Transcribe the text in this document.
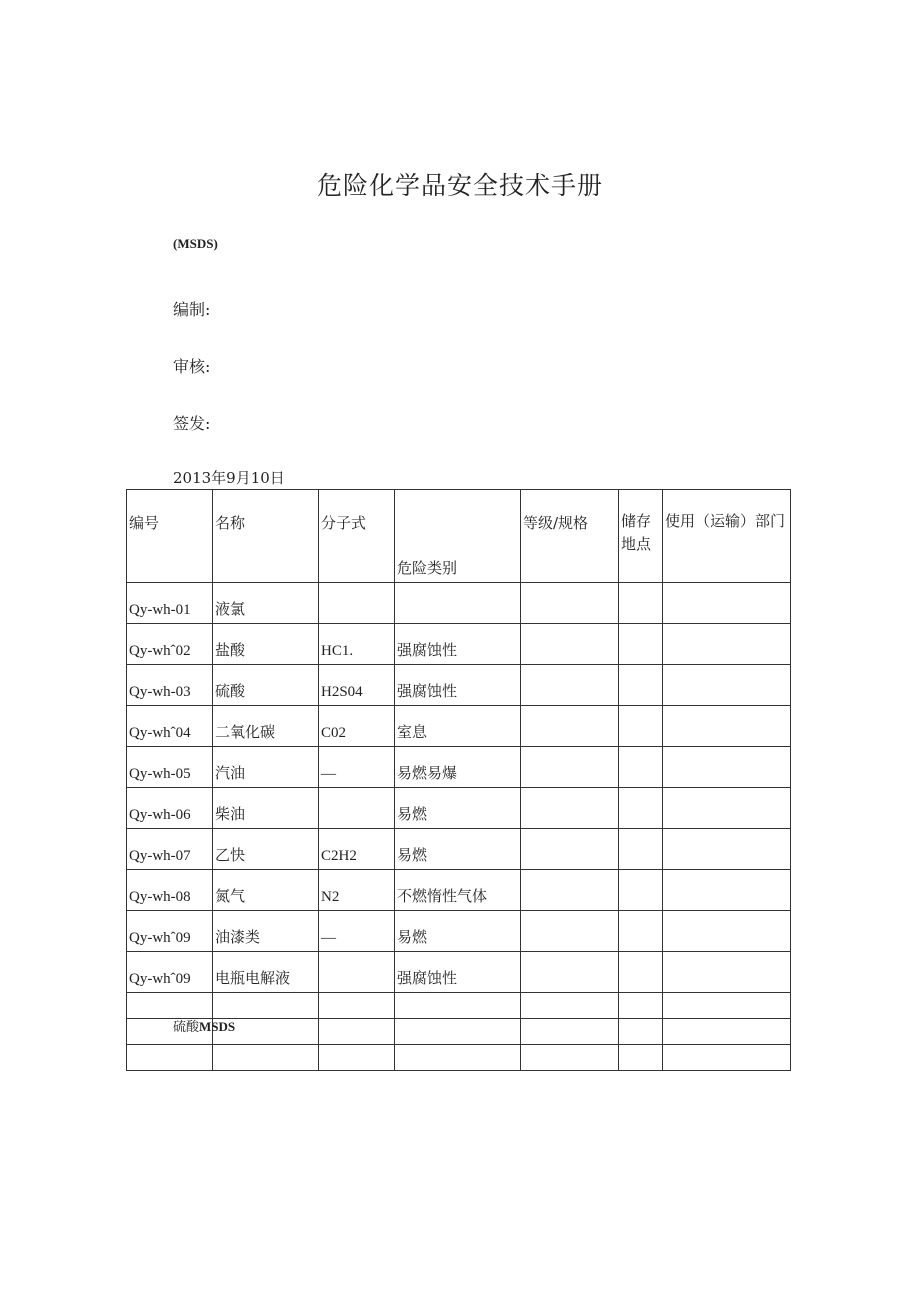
危险化学品安全技术手册
(MSDS)
编制:
审核:
签发:
2013年9月10日
编号	名称	分子式	危险类别	等级/规格	储存地点	使用（运输）部门
Qy-wh-01	液氯					
Qy-whˆ02	盐酸	HC1.	强腐蚀性			
Qy-wh-03	硫酸	H2S04	强腐蚀性			
Qy-whˆ04	二氧化碳	C02	室息			
Qy-wh-05	汽油	—	易燃易爆			
Qy-wh-06	柴油		易燃			
Qy-wh-07	乙快	C2H2	易燃			
Qy-wh-08	氮气	N2	不燃惰性气体			
Qy-whˆ09	油漆类	—	易燃			
Qy-whˆ09	电瓶电解液		强腐蚀性			

硫酸MSDS
